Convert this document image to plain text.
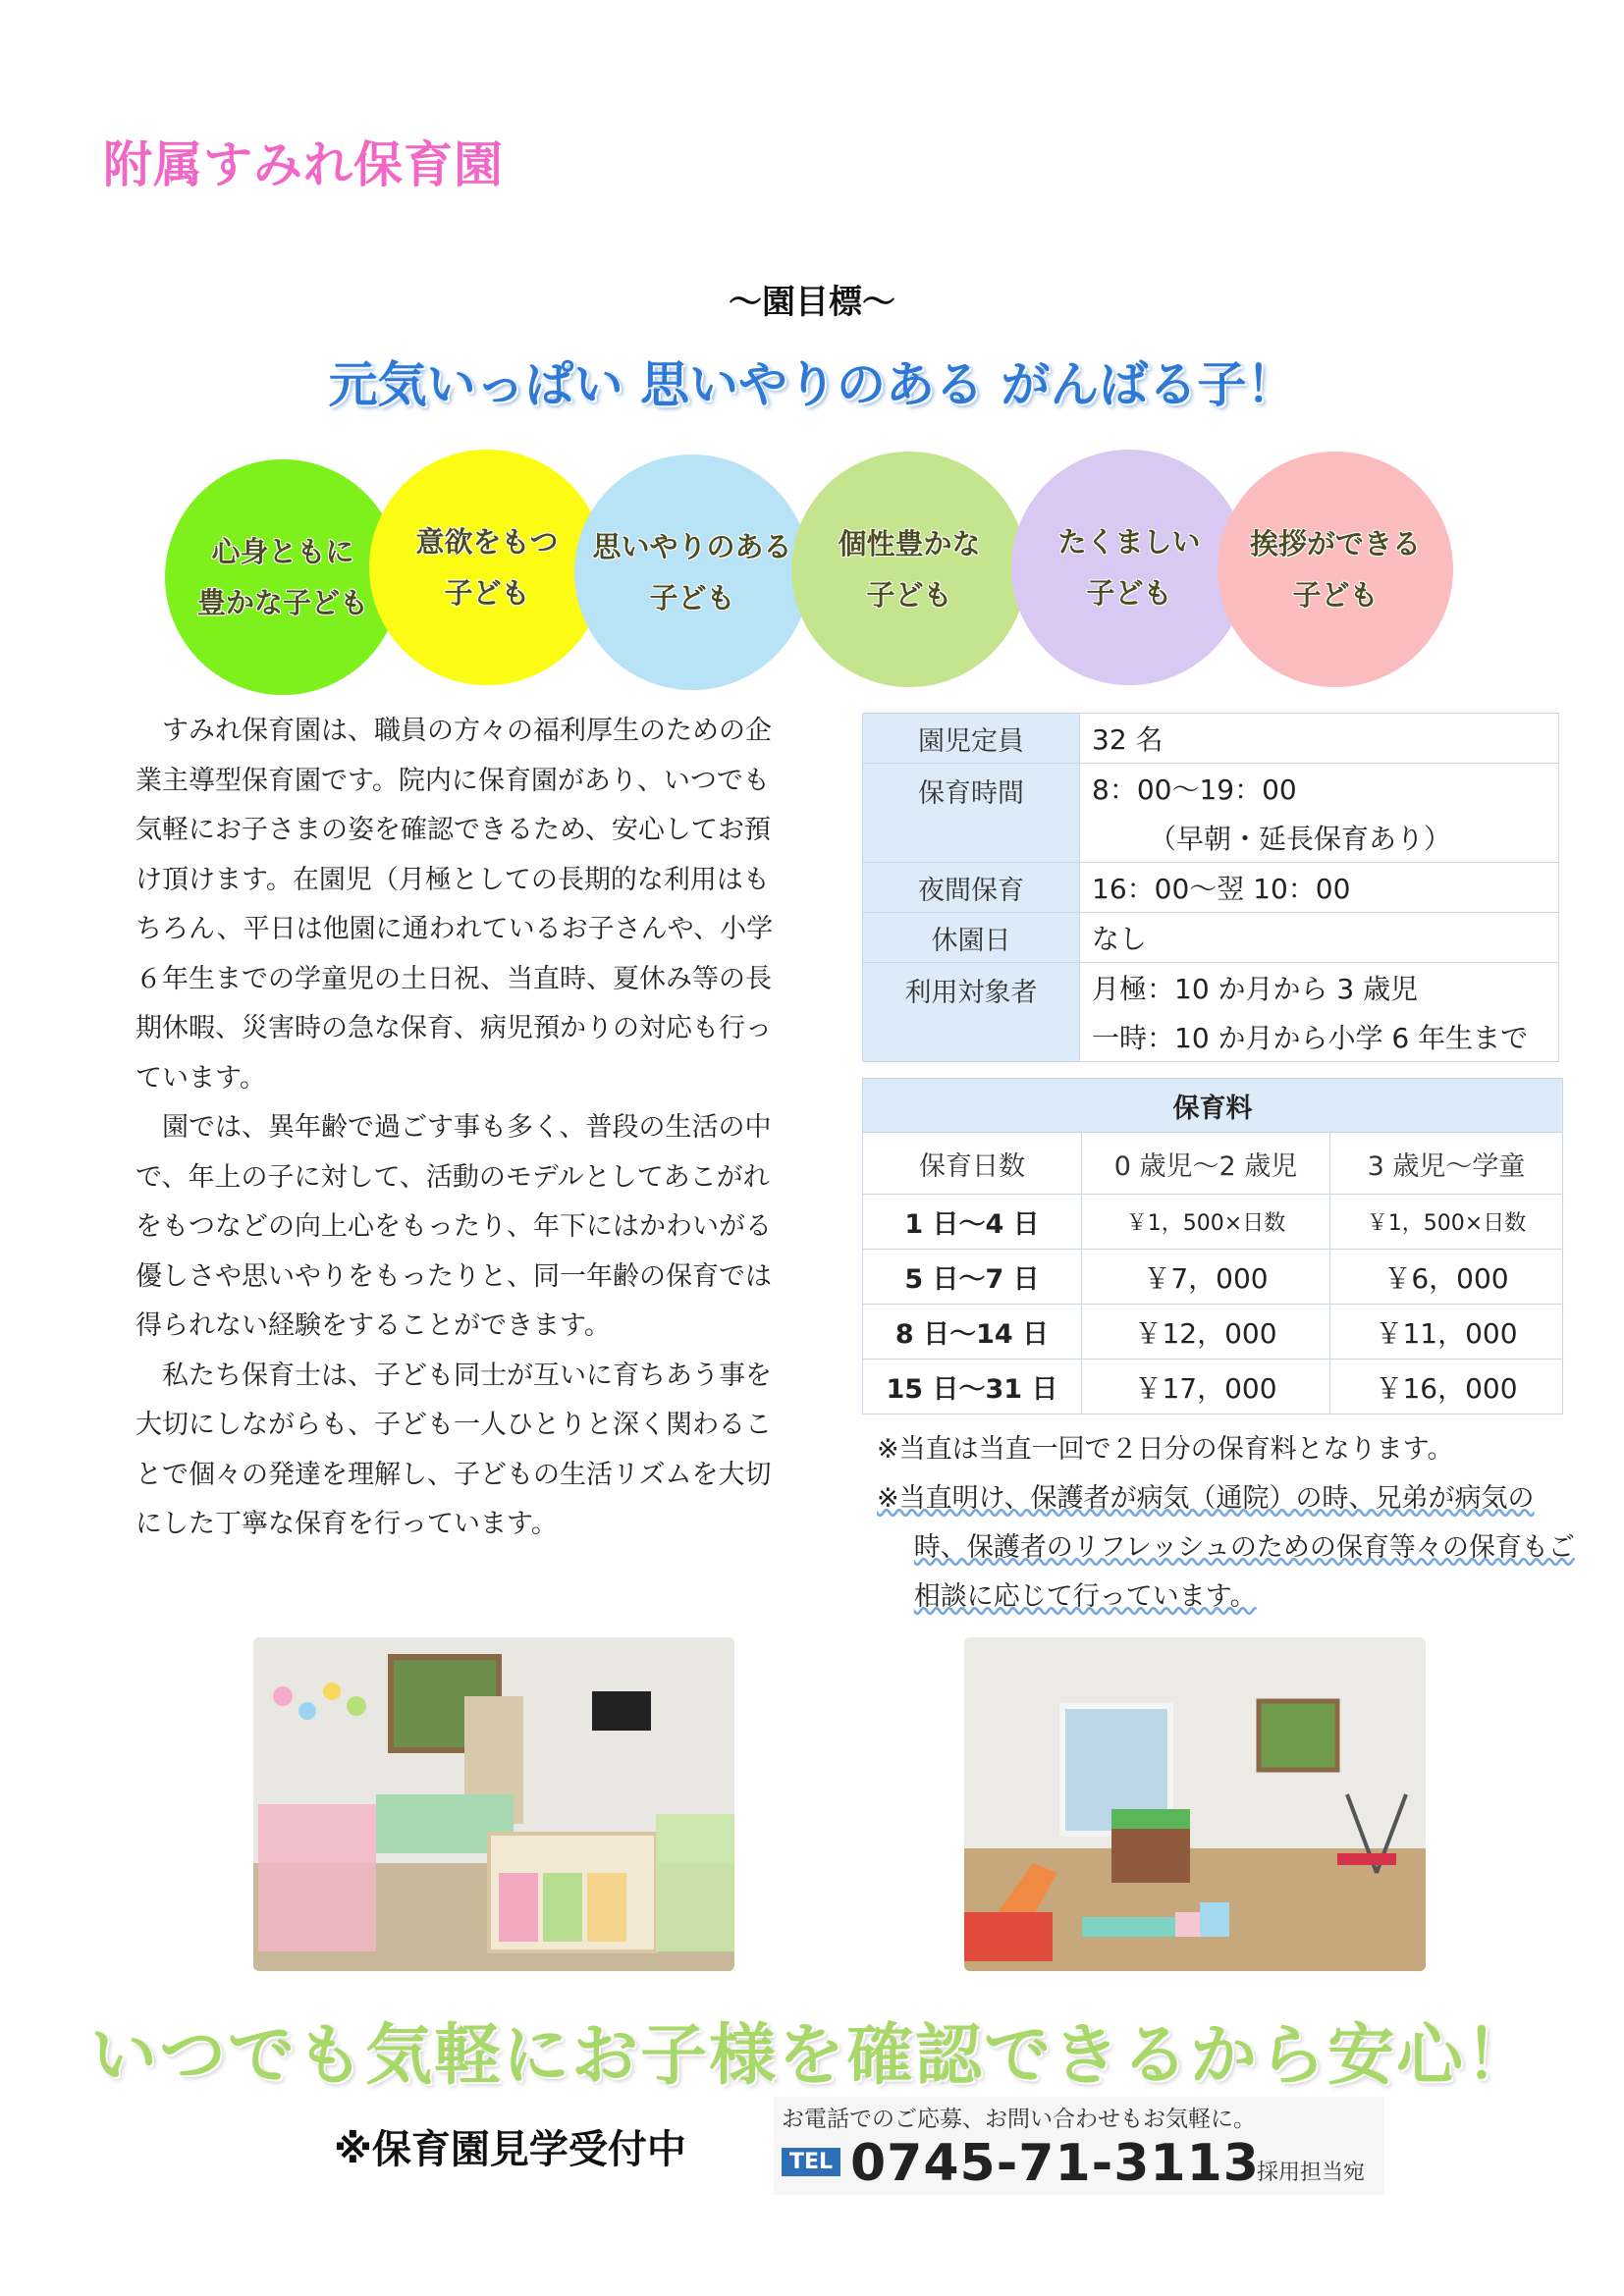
附属すみれ保育園
～園目標～
元気いっぱい 思いやりのある がんばる子！
心身ともに
豊かな子ども
意欲をもつ
子ども
思いやりのある
子ども
個性豊かな
子ども
たくましい
子ども
挨拶ができる
子ども

すみれ保育園は、職員の方々の福利厚生のための企業主導型保育園です。院内に保育園があり、いつでも気軽にお子さまの姿を確認できるため、安心してお預け頂けます。在園児（月極としての長期的な利用はもちろん、平日は他園に通われているお子さんや、小学６年生までの学童児の土日祝、当直時、夏休み等の長期休暇、災害時の急な保育、病児預かりの対応も行っています。

園では、異年齢で過ごす事も多く、普段の生活の中で、年上の子に対して、活動のモデルとしてあこがれをもつなどの向上心をもったり、年下にはかわいがる優しさや思いやりをもったりと、同一年齢の保育では得られない経験をすることができます。

私たち保育士は、子ども同士が互いに育ちあう事を大切にしながらも、子ども一人ひとりと深く関わることで個々の発達を理解し、子どもの生活リズムを大切にした丁寧な保育を行っています。

園児定員	32 名
保育時間	8：00～19：00
	（早朝・延長保育あり）
夜間保育	16：00～翌 10：00
休園日	なし
利用対象者	月極：10 か月から 3 歳児
	一時：10 か月から小学 6 年生まで
保育料		
保育日数	0 歳児～2 歳児	3 歳児～学童
1 日～4 日	￥1，500×日数	￥1，500×日数
5 日～7 日	￥7，000	￥6，000
8 日～14 日	￥12，000	￥11，000
15 日～31 日	￥17，000	￥16，000

※当直は当直一回で２日分の保育料となります。

※当直明け、保護者が病気（通院）の時、兄弟が病気の時、保護者のリフレッシュのための保育等々の保育もご相談に応じて行っています。

いつでも気軽にお子様を確認できるから安心！
※保育園見学受付中
お電話でのご応募、お問い合わせもお気軽に。
TEL 0745-71-3113
採用担当宛
